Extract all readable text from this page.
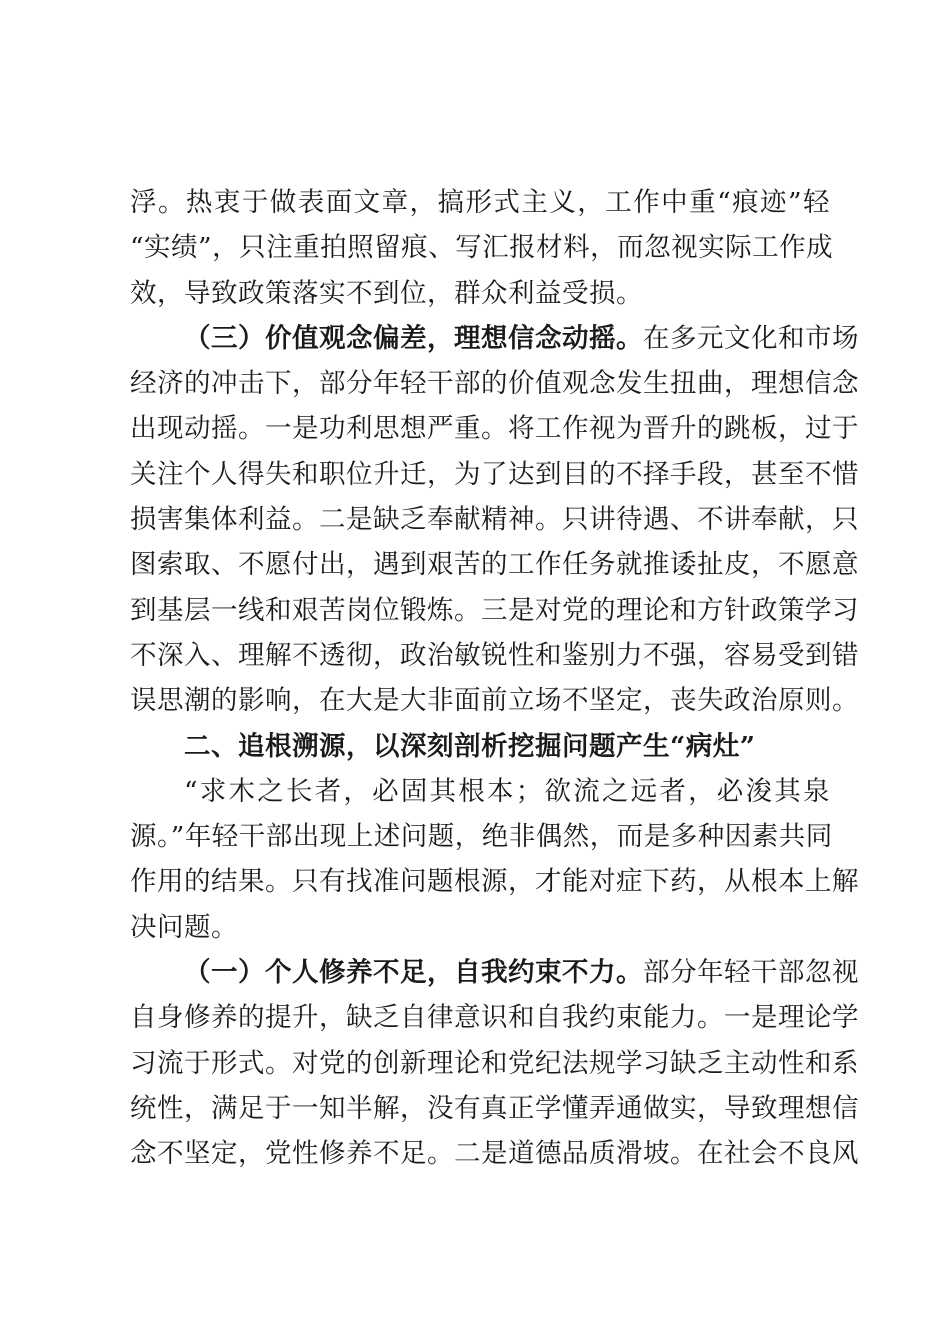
浮。热衷于做表面文章，搞形式主义，工作中重“痕迹”轻
“实绩”，只注重拍照留痕、写汇报材料，而忽视实际工作成
效，导致政策落实不到位，群众利益受损。
（三）价值观念偏差，理想信念动摇。在多元文化和市场
经济的冲击下，部分年轻干部的价值观念发生扭曲，理想信念
出现动摇。一是功利思想严重。将工作视为晋升的跳板，过于
关注个人得失和职位升迁，为了达到目的不择手段，甚至不惜
损害集体利益。二是缺乏奉献精神。只讲待遇、不讲奉献，只
图索取、不愿付出，遇到艰苦的工作任务就推诿扯皮，不愿意
到基层一线和艰苦岗位锻炼。三是对党的理论和方针政策学习
不深入、理解不透彻，政治敏锐性和鉴别力不强，容易受到错
误思潮的影响，在大是大非面前立场不坚定，丧失政治原则。
二、追根溯源，以深刻剖析挖掘问题产生“病灶”
“求木之长者，必固其根本；欲流之远者，必浚其泉
源。”年轻干部出现上述问题，绝非偶然，而是多种因素共同
作用的结果。只有找准问题根源，才能对症下药，从根本上解
决问题。
（一）个人修养不足，自我约束不力。部分年轻干部忽视
自身修养的提升，缺乏自律意识和自我约束能力。一是理论学
习流于形式。对党的创新理论和党纪法规学习缺乏主动性和系
统性，满足于一知半解，没有真正学懂弄通做实，导致理想信
念不坚定，党性修养不足。二是道德品质滑坡。在社会不良风
